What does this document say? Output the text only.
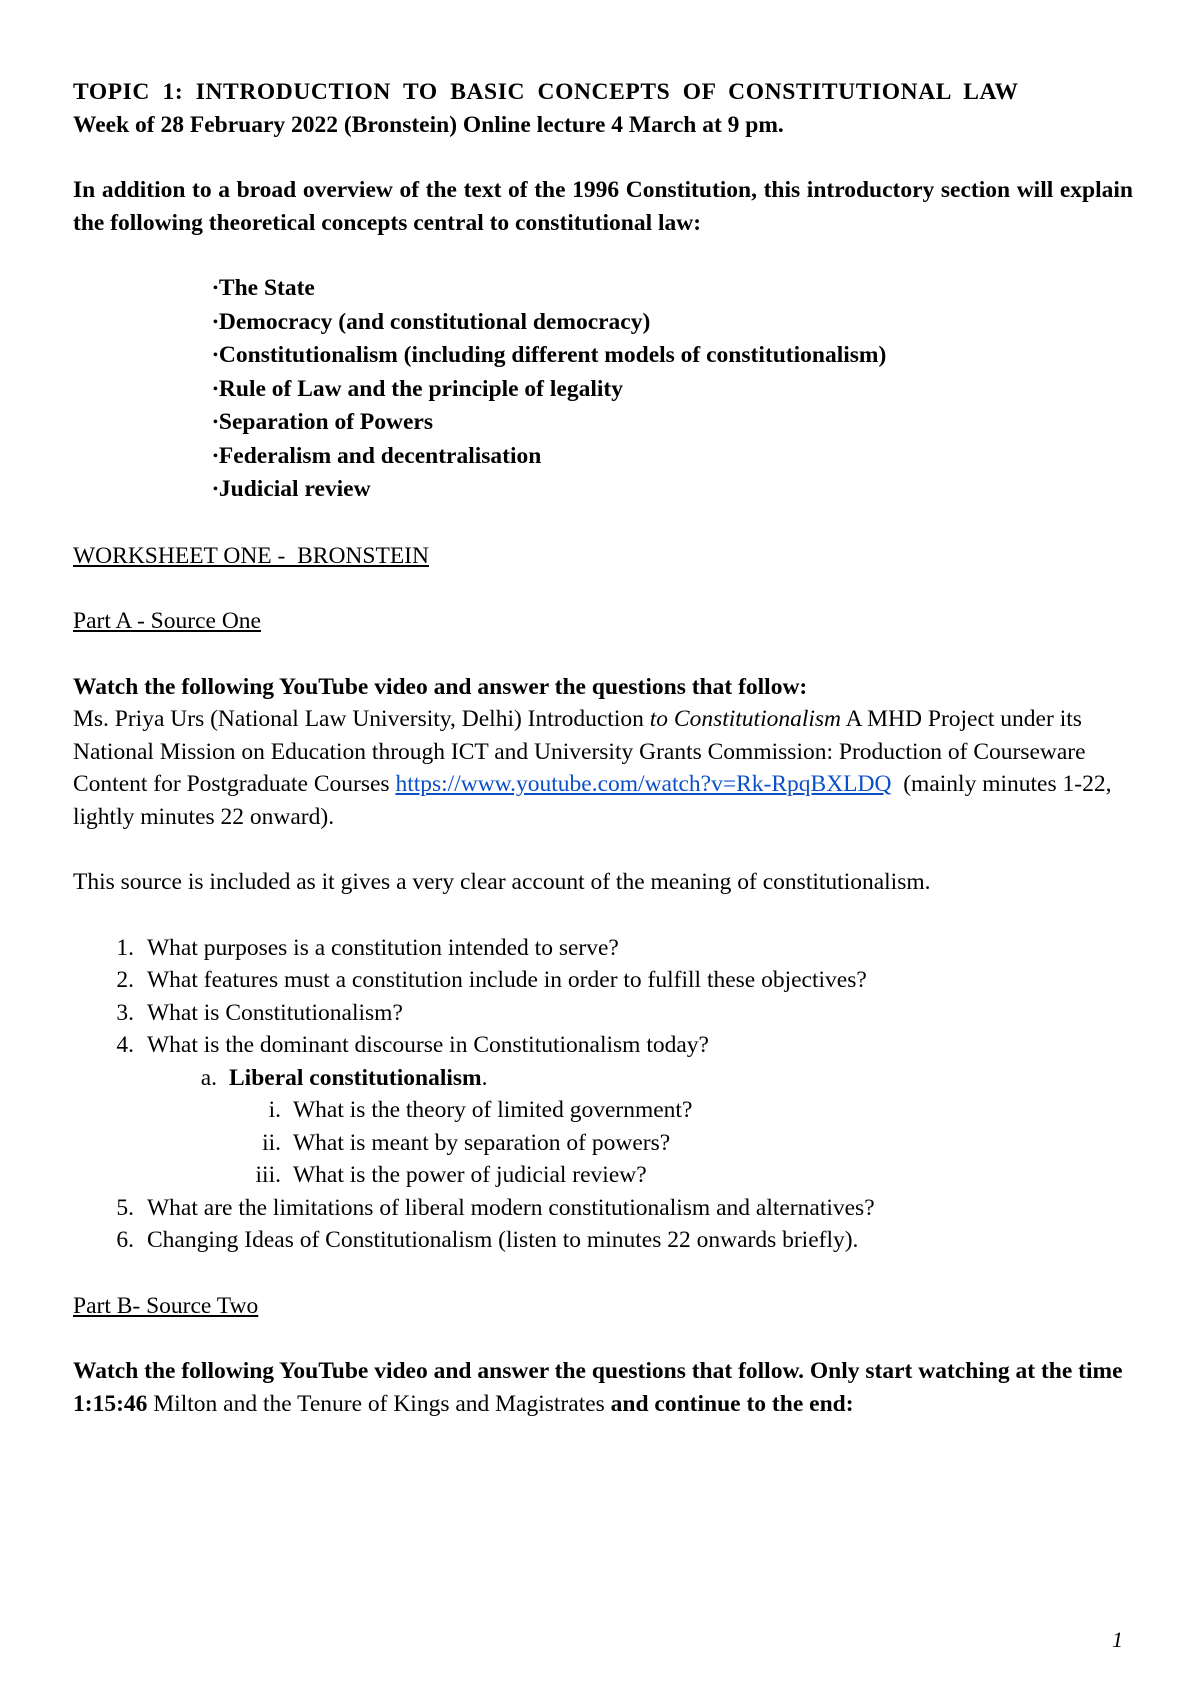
TOPIC 1: INTRODUCTION TO BASIC CONCEPTS OF CONSTITUTIONAL LAW
Week of 28 February 2022 (Bronstein) Online lecture 4 March at 9 pm.
In addition to a broad overview of the text of the 1996 Constitution, this introductory section will explain the following theoretical concepts central to constitutional law:
•The State
•Democracy (and constitutional democracy)
•Constitutionalism (including different models of constitutionalism)
•Rule of Law and the principle of legality
•Separation of Powers
•Federalism and decentralisation
•Judicial review
WORKSHEET ONE -  BRONSTEIN
Part A - Source One
Watch the following YouTube video and answer the questions that follow:
Ms. Priya Urs (National Law University, Delhi) Introduction to Constitutionalism A MHD Project under its National Mission on Education through ICT and University Grants Commission: Production of Courseware Content for Postgraduate Courses https://www.youtube.com/watch?v=Rk-RpqBXLDQ  (mainly minutes 1-22, lightly minutes 22 onward).
This source is included as it gives a very clear account of the meaning of constitutionalism.
1. What purposes is a constitution intended to serve?
2. What features must a constitution include in order to fulfill these objectives?
3. What is Constitutionalism?
4. What is the dominant discourse in Constitutionalism today?
a. Liberal constitutionalism.
i. What is the theory of limited government?
ii. What is meant by separation of powers?
iii. What is the power of judicial review?
5. What are the limitations of liberal modern constitutionalism and alternatives?
6. Changing Ideas of Constitutionalism (listen to minutes 22 onwards briefly).
Part B- Source Two
Watch the following YouTube video and answer the questions that follow. Only start watching at the time 1:15:46 Milton and the Tenure of Kings and Magistrates and continue to the end:
1
